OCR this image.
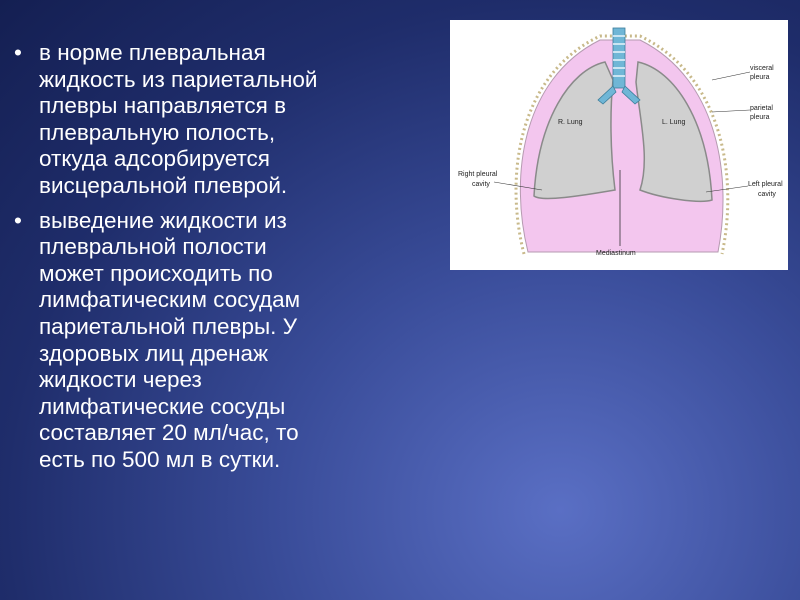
• в норме плевральная
жидкость из париетальной
плевры направляется в
плевральную полость,
откуда адсорбируется
висцеральной плеврой.
• выведение жидкости из
плевральной полости
может происходить по
лимфатическим сосудам
париетальной плевры. У
здоровых лиц дренаж
жидкости через
лимфатические сосуды
составляет 20 мл/час, то
есть по 500 мл в сутки.
visceral
pleura
parietal
pleura
R. Lung	L. Lung
Right pleural
cavity	Left pleural
cavity
Mediastinum
